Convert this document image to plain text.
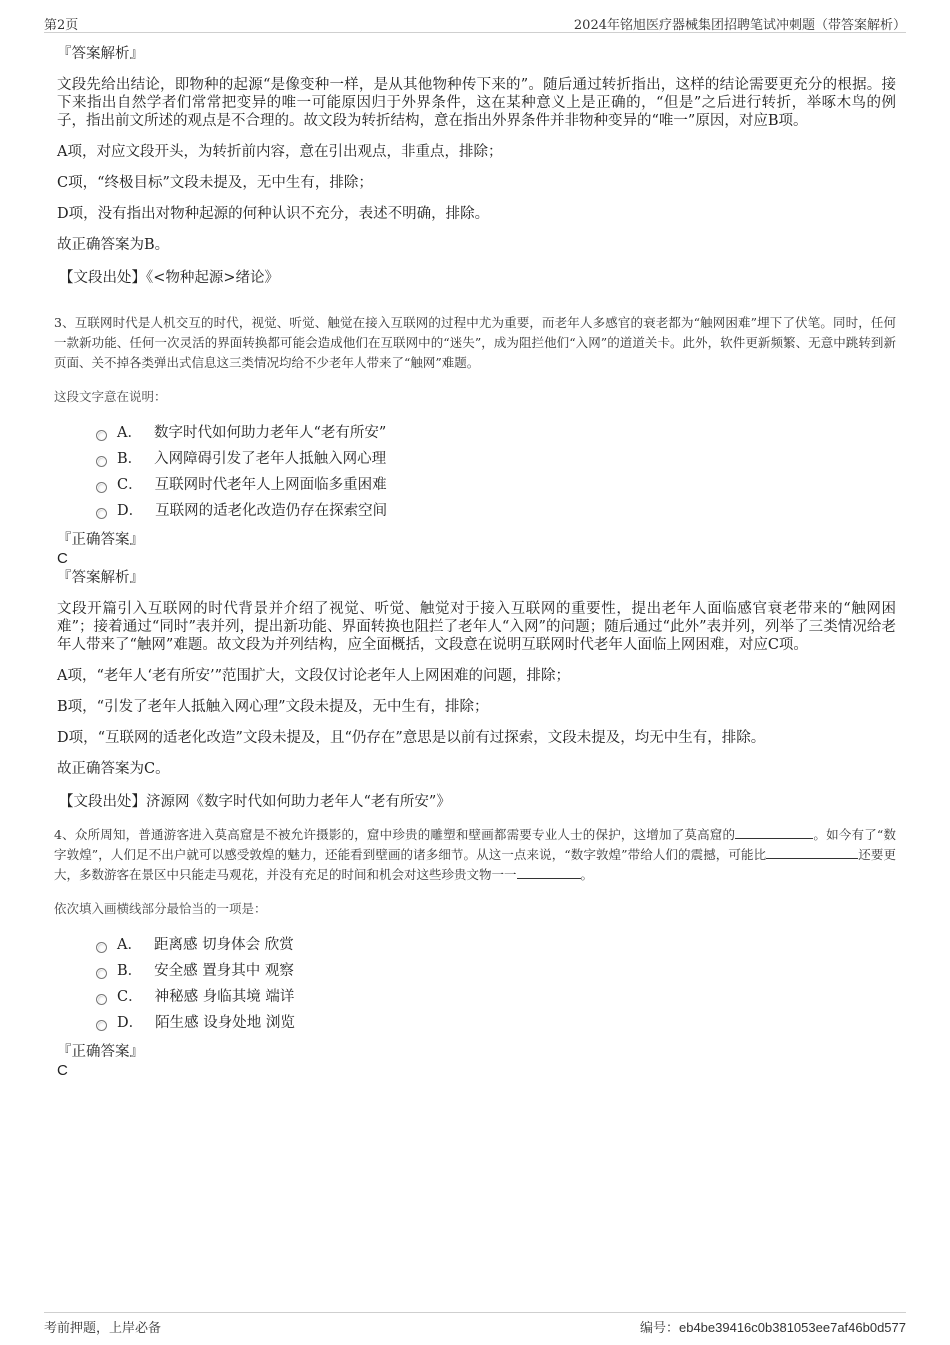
第2页	2024年铭旭医疗器械集团招聘笔试冲刺题（带答案解析）
『答案解析』
文段先给出结论，即物种的起源“是像变种一样，是从其他物种传下来的”。随后通过转折指出，这样的结论需要更充分的根据。接下来指出自然学者们常常把变异的唯一可能原因归于外界条件，这在某种意义上是正确的，“但是”之后进行转折，举啄木鸟的例子，指出前文所述的观点是不合理的。故文段为转折结构，意在指出外界条件并非物种变异的“唯一”原因，对应B项。
A项，对应文段开头，为转折前内容，意在引出观点，非重点，排除；
C项，“终极目标”文段未提及，无中生有，排除；
D项，没有指出对物种起源的何种认识不充分，表述不明确，排除。
故正确答案为B。
【文段出处】《<物种起源>绪论》
3、互联网时代是人机交互的时代，视觉、听觉、触觉在接入互联网的过程中尤为重要，而老年人多感官的衰老都为“触网困难”埋下了伏笔。同时，任何一款新功能、任何一次灵活的界面转换都可能会造成他们在互联网中的“迷失”，成为阻拦他们“入网”的道道关卡。此外，软件更新频繁、无意中跳转到新页面、关不掉各类弹出式信息这三类情况均给不少老年人带来了“触网”难题。
这段文字意在说明：
A． 数字时代如何助力老年人“老有所安”
B． 入网障碍引发了老年人抵触入网心理
C． 互联网时代老年人上网面临多重困难
D． 互联网的适老化改造仍存在探索空间
『正确答案』
C
『答案解析』
文段开篇引入互联网的时代背景并介绍了视觉、听觉、触觉对于接入互联网的重要性，提出老年人面临感官衰老带来的“触网困难”；接着通过“同时”表并列，提出新功能、界面转换也阻拦了老年人“入网”的问题；随后通过“此外”表并列，列举了三类情况给老年人带来了“触网”难题。故文段为并列结构，应全面概括，文段意在说明互联网时代老年人面临上网困难，对应C项。
A项，“老年人‘老有所安’”范围扩大，文段仅讨论老年人上网困难的问题，排除；
B项，“引发了老年人抵触入网心理”文段未提及，无中生有，排除；
D项，“互联网的适老化改造”文段未提及，且“仍存在”意思是以前有过探索，文段未提及，均无中生有，排除。
故正确答案为C。
【文段出处】济源网《数字时代如何助力老年人“老有所安”》
4、众所周知，普通游客进入莫高窟是不被允许摄影的，窟中珍贵的雕塑和壁画都需要专业人士的保护，这增加了莫高窟的	。如今有了“数字敦煌”，人们足不出户就可以感受敦煌的魅力，还能看到壁画的诸多细节。从这一点来说，“数字敦煌”带给人们的震撼，可能比	还要更大，多数游客在景区中只能走马观花，并没有充足的时间和机会对这些珍贵文物一一	。
依次填入画横线部分最恰当的一项是：
A． 距离感 切身体会 欣赏
B． 安全感 置身其中 观察
C． 神秘感 身临其境 端详
D． 陌生感 设身处地 浏览
『正确答案』
C
考前押题，上岸必备	编号：eb4be39416c0b381053ee7af46b0d577
